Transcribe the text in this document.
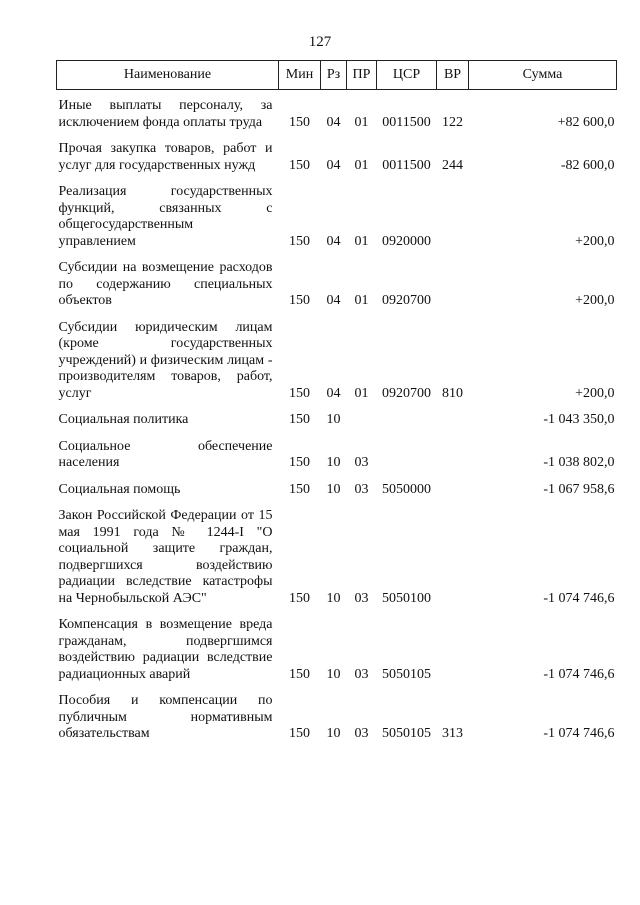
127
Наименование	Мин	Рз	ПР	ЦСР	ВР	Сумма
Иные выплаты персоналу, за исключением фонда оплаты труда	150	04	01	0011500	122	+82 600,0

Прочая закупка товаров, работ и услуг для государственных нужд	150	04	01	0011500	244	-82 600,0

Реализация государственных функций, связанных с общегосударственным управлением	150	04	01	0920000		+200,0

Субсидии на возмещение расходов по содержанию специальных объектов	150	04	01	0920700		+200,0

Субсидии юридическим лицам (кроме государственных учреждений) и физическим лицам - производителям товаров, работ, услуг	150	04	01	0920700	810	+200,0

Социальная политика	150	10				-1 043 350,0

Социальное обеспечение населения	150	10	03			-1 038 802,0

Социальная помощь	150	10	03	5050000		-1 067 958,6

Закон Российской Федерации от 15 мая 1991 года № 1244-I "О социальной защите граждан, подвергшихся воздействию радиации вследствие катастрофы на Чернобыльской АЭС"	150	10	03	5050100		-1 074 746,6

Компенсация в возмещение вреда гражданам, подвергшимся воздействию радиации вследствие радиационных аварий	150	10	03	5050105		-1 074 746,6

Пособия и компенсации по публичным нормативным обязательствам	150	10	03	5050105	313	-1 074 746,6
